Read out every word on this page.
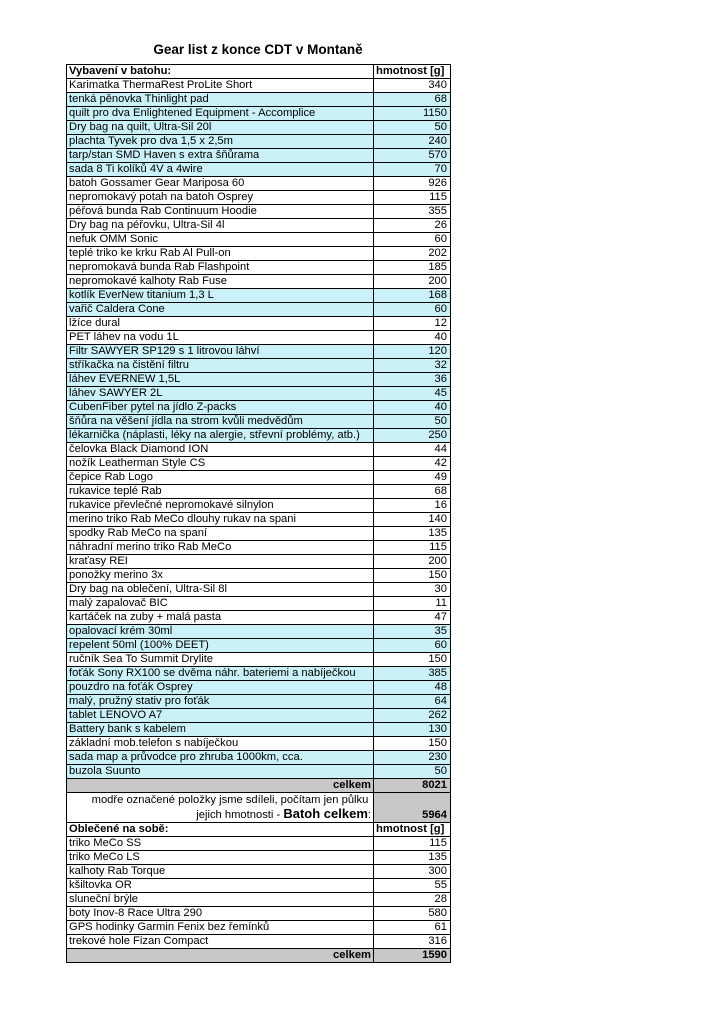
Gear list z konce CDT v Montaně
Vybavení v batohu:	hmotnost [g]
Karimatka ThermaRest ProLite Short	340
tenká pěnovka Thinlight pad	68
quilt pro dva Enlightened Equipment - Accomplice	1150
Dry bag na quilt, Ultra-Sil 20l	50
plachta Tyvek pro dva 1,5 x 2,5m	240
tarp/stan SMD Haven s extra šňůrama	570
sada 8 Ti kolíků 4V a 4wire	70
batoh Gossamer Gear Mariposa 60	926
nepromokavý potah na batoh Osprey	115
péřová bunda Rab Continuum Hoodie	355
Dry bag na péřovku, Ultra-Sil 4l	26
nefuk OMM Sonic	60
teplé triko ke krku Rab Al Pull-on	202
nepromokavá bunda Rab Flashpoint	185
nepromokavé kalhoty Rab Fuse	200
kotlík EverNew titanium 1,3 L	168
vařič Caldera Cone	60
lžíce dural	12
PET láhev na vodu 1L	40
Filtr SAWYER SP129 s 1 litrovou láhví	120
stříkačka na čistění filtru	32
láhev EVERNEW 1,5L	36
láhev SAWYER 2L	45
CubenFiber pytel na jídlo Z-packs	40
šňůra na věšení jídla na strom kvůli medvědům	50
lékarnička (náplasti, léky na alergie, střevní problémy, atb.)	250
čelovka Black Diamond ION	44
nožík Leatherman Style CS	42
čepice Rab Logo	49
rukavice teplé Rab	68
rukavice převlečné nepromokavé silnylon	16
merino triko Rab MeCo dlouhy rukav na spani	140
spodky Rab MeCo na spaní	135
náhradní merino triko Rab MeCo	115
kraťasy REI	200
ponožky merino 3x	150
Dry bag na oblečení, Ultra-Sil 8l	30
malý zapalovač BIC	11
kartáček na zuby + malá pasta	47
opalovací krém 30ml	35
repelent 50ml (100% DEET)	60
ručník Sea To Summit Drylite	150
foťák Sony RX100 se dvěma náhr. bateriemi a nabíječkou	385
pouzdro na foťák Osprey	48
malý, pružný stativ pro foťák	64
tablet LENOVO A7	262
Battery bank s kabelem	130
základní mob.telefon s nabíječkou	150
sada map a průvodce pro zhruba 1000km, cca.	230
buzola Suunto	50
celkem	8021

modře označené položky jsme sdíleli, počítam jen půlku
jejich hmotnosti - Batoh celkem:	5964
Oblečené na sobě:	hmotnost [g]
triko MeCo SS	115
triko MeCo LS	135
kalhoty Rab Torque	300
kšiltovka OR	55
sluneční brýle	28
boty Inov-8 Race Ultra 290	580
GPS hodinky Garmin Fenix bez řemínků	61
trekové hole Fizan Compact	316
celkem	1590
